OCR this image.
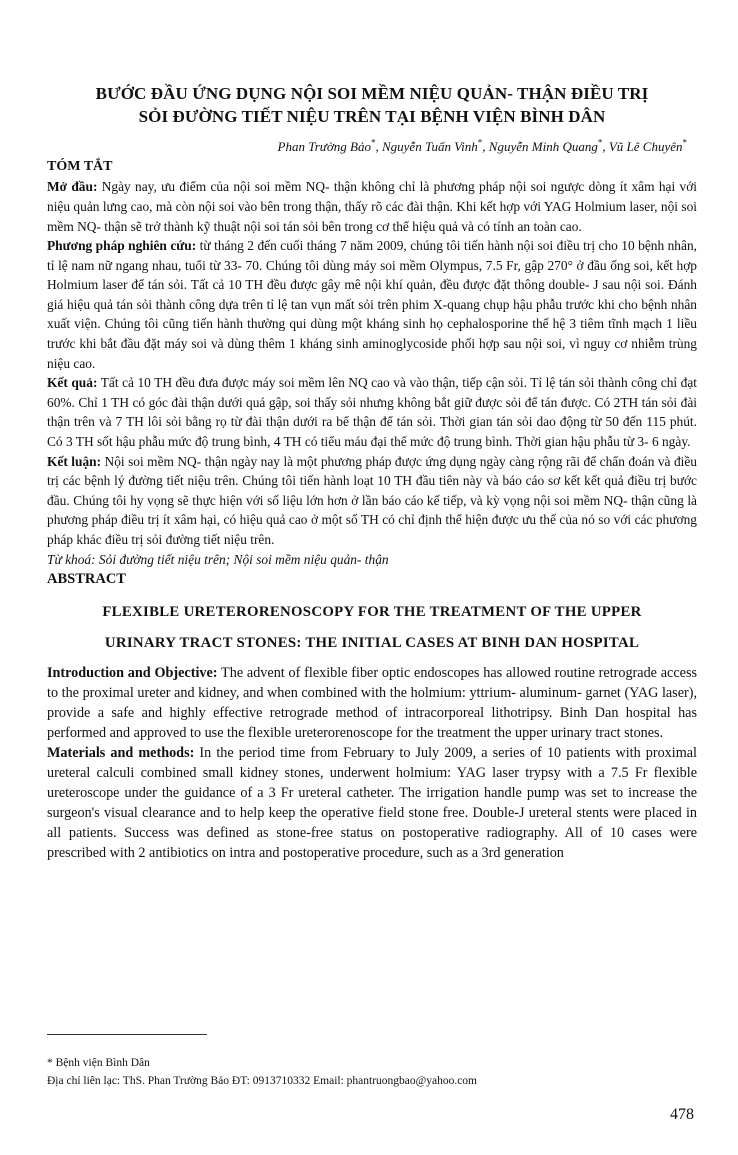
BƯỚC ĐẦU ỨNG DỤNG NỘI SOI MỀM NIỆU QUẢN- THẬN ĐIỀU TRỊ
SỎI ĐƯỜNG TIẾT NIỆU TRÊN TẠI BỆNH VIỆN BÌNH DÂN
Phan Trường Bảo*, Nguyễn Tuấn Vinh*, Nguyễn Minh Quang*, Vũ Lê Chuyên*
TÓM TẮT

Mở đầu: Ngày nay, ưu điểm của nội soi mềm NQ- thận không chỉ là phương pháp nội soi ngược dòng ít xâm hại với niệu quản lưng cao, mà còn nội soi vào bên trong thận, thấy rõ các đài thận. Khi kết hợp với YAG Holmium laser, nội soi mềm NQ- thận sẽ trở thành kỹ thuật nội soi tán sỏi bên trong cơ thể hiệu quả và có tính an toàn cao.

Phương pháp nghiên cứu: từ tháng 2 đến cuối tháng 7 năm 2009, chúng tôi tiến hành nội soi điều trị cho 10 bệnh nhân, tỉ lệ nam nữ ngang nhau, tuổi từ 33- 70. Chúng tôi dùng máy soi mềm Olympus, 7.5 Fr, gập 270° ở đầu ống soi, kết hợp Holmium laser để tán sỏi. Tất cả 10 TH đều được gây mê nội khí quản, đều được đặt thông double- J sau nội soi. Đánh giá hiệu quả tán sỏi thành công dựa trên tỉ lệ tan vụn mất sỏi trên phim X-quang chụp hậu phẫu trước khi cho bệnh nhân xuất viện. Chúng tôi cũng tiến hành thường qui dùng một kháng sinh họ cephalosporine thế hệ 3 tiêm tĩnh mạch 1 liều trước khi bắt đầu đặt máy soi và dùng thêm 1 kháng sinh aminoglycoside phối hợp sau nội soi, vì nguy cơ nhiễm trùng niệu cao.

Kết quả: Tất cả 10 TH đều đưa được máy soi mềm lên NQ cao và vào thận, tiếp cận sỏi. Tỉ lệ tán sỏi thành công chỉ đạt 60%. Chỉ 1 TH có góc đài thận dưới quá gập, soi thấy sỏi nhưng không bắt giữ được sỏi để tán được. Có 2TH tán sỏi đài thận trên và 7 TH lôi sỏi bằng rọ từ đài thận dưới ra bể thận để tán sỏi. Thời gian tán sỏi dao động từ 50 đến 115 phút. Có 3 TH sốt hậu phẫu mức độ trung bình, 4 TH có tiểu máu đại thể mức độ trung bình. Thời gian hậu phẫu từ 3- 6 ngày.

Kết luận: Nội soi mềm NQ- thận ngày nay là một phương pháp được ứng dụng ngày càng rộng rãi để chẩn đoán và điều trị các bệnh lý đường tiết niệu trên. Chúng tôi tiến hành loạt 10 TH đầu tiên này và báo cáo sơ kết kết quả điều trị bước đầu. Chúng tôi hy vọng sẽ thực hiện với số liệu lớn hơn ở lần báo cáo kế tiếp, và kỳ vọng nội soi mềm NQ- thận cũng là phương pháp điều trị ít xâm hại, có hiệu quả cao ở một số TH có chỉ định thể hiện được ưu thế của nó so với các phương pháp khác điều trị sỏi đường tiết niệu trên.

Từ khoá: Sỏi đường tiết niệu trên; Nội soi mềm niệu quản- thận

ABSTRACT
FLEXIBLE URETERORENOSCOPY FOR THE TREATMENT OF THE UPPER
URINARY TRACT STONES: THE INITIAL CASES AT BINH DAN HOSPITAL

Introduction and Objective: The advent of flexible fiber optic endoscopes has allowed routine retrograde access to the proximal ureter and kidney, and when combined with the holmium: yttrium- aluminum- garnet (YAG laser), provide a safe and highly effective retrograde method of intracorporeal lithotripsy. Binh Dan hospital has performed and approved to use the flexible ureterorenoscope for the treatment the upper urinary tract stones.

Materials and methods: In the period time from February to July 2009, a series of 10 patients with proximal ureteral calculi combined small kidney stones, underwent holmium: YAG laser trypsy with a 7.5 Fr flexible ureteroscope under the guidance of a 3 Fr ureteral catheter. The irrigation handle pump was set to increase the surgeon's visual clearance and to help keep the operative field stone free. Double-J ureteral stents were placed in all patients. Success was defined as stone-free status on postoperative radiography. All of 10 cases were prescribed with 2 antibiotics on intra and postoperative procedure, such as a 3rd generation

* Bệnh viện Bình Dân
Địa chỉ liên lạc: ThS. Phan Trường Bảo ĐT: 0913710332 Email: phantruongbao@yahoo.com
478
